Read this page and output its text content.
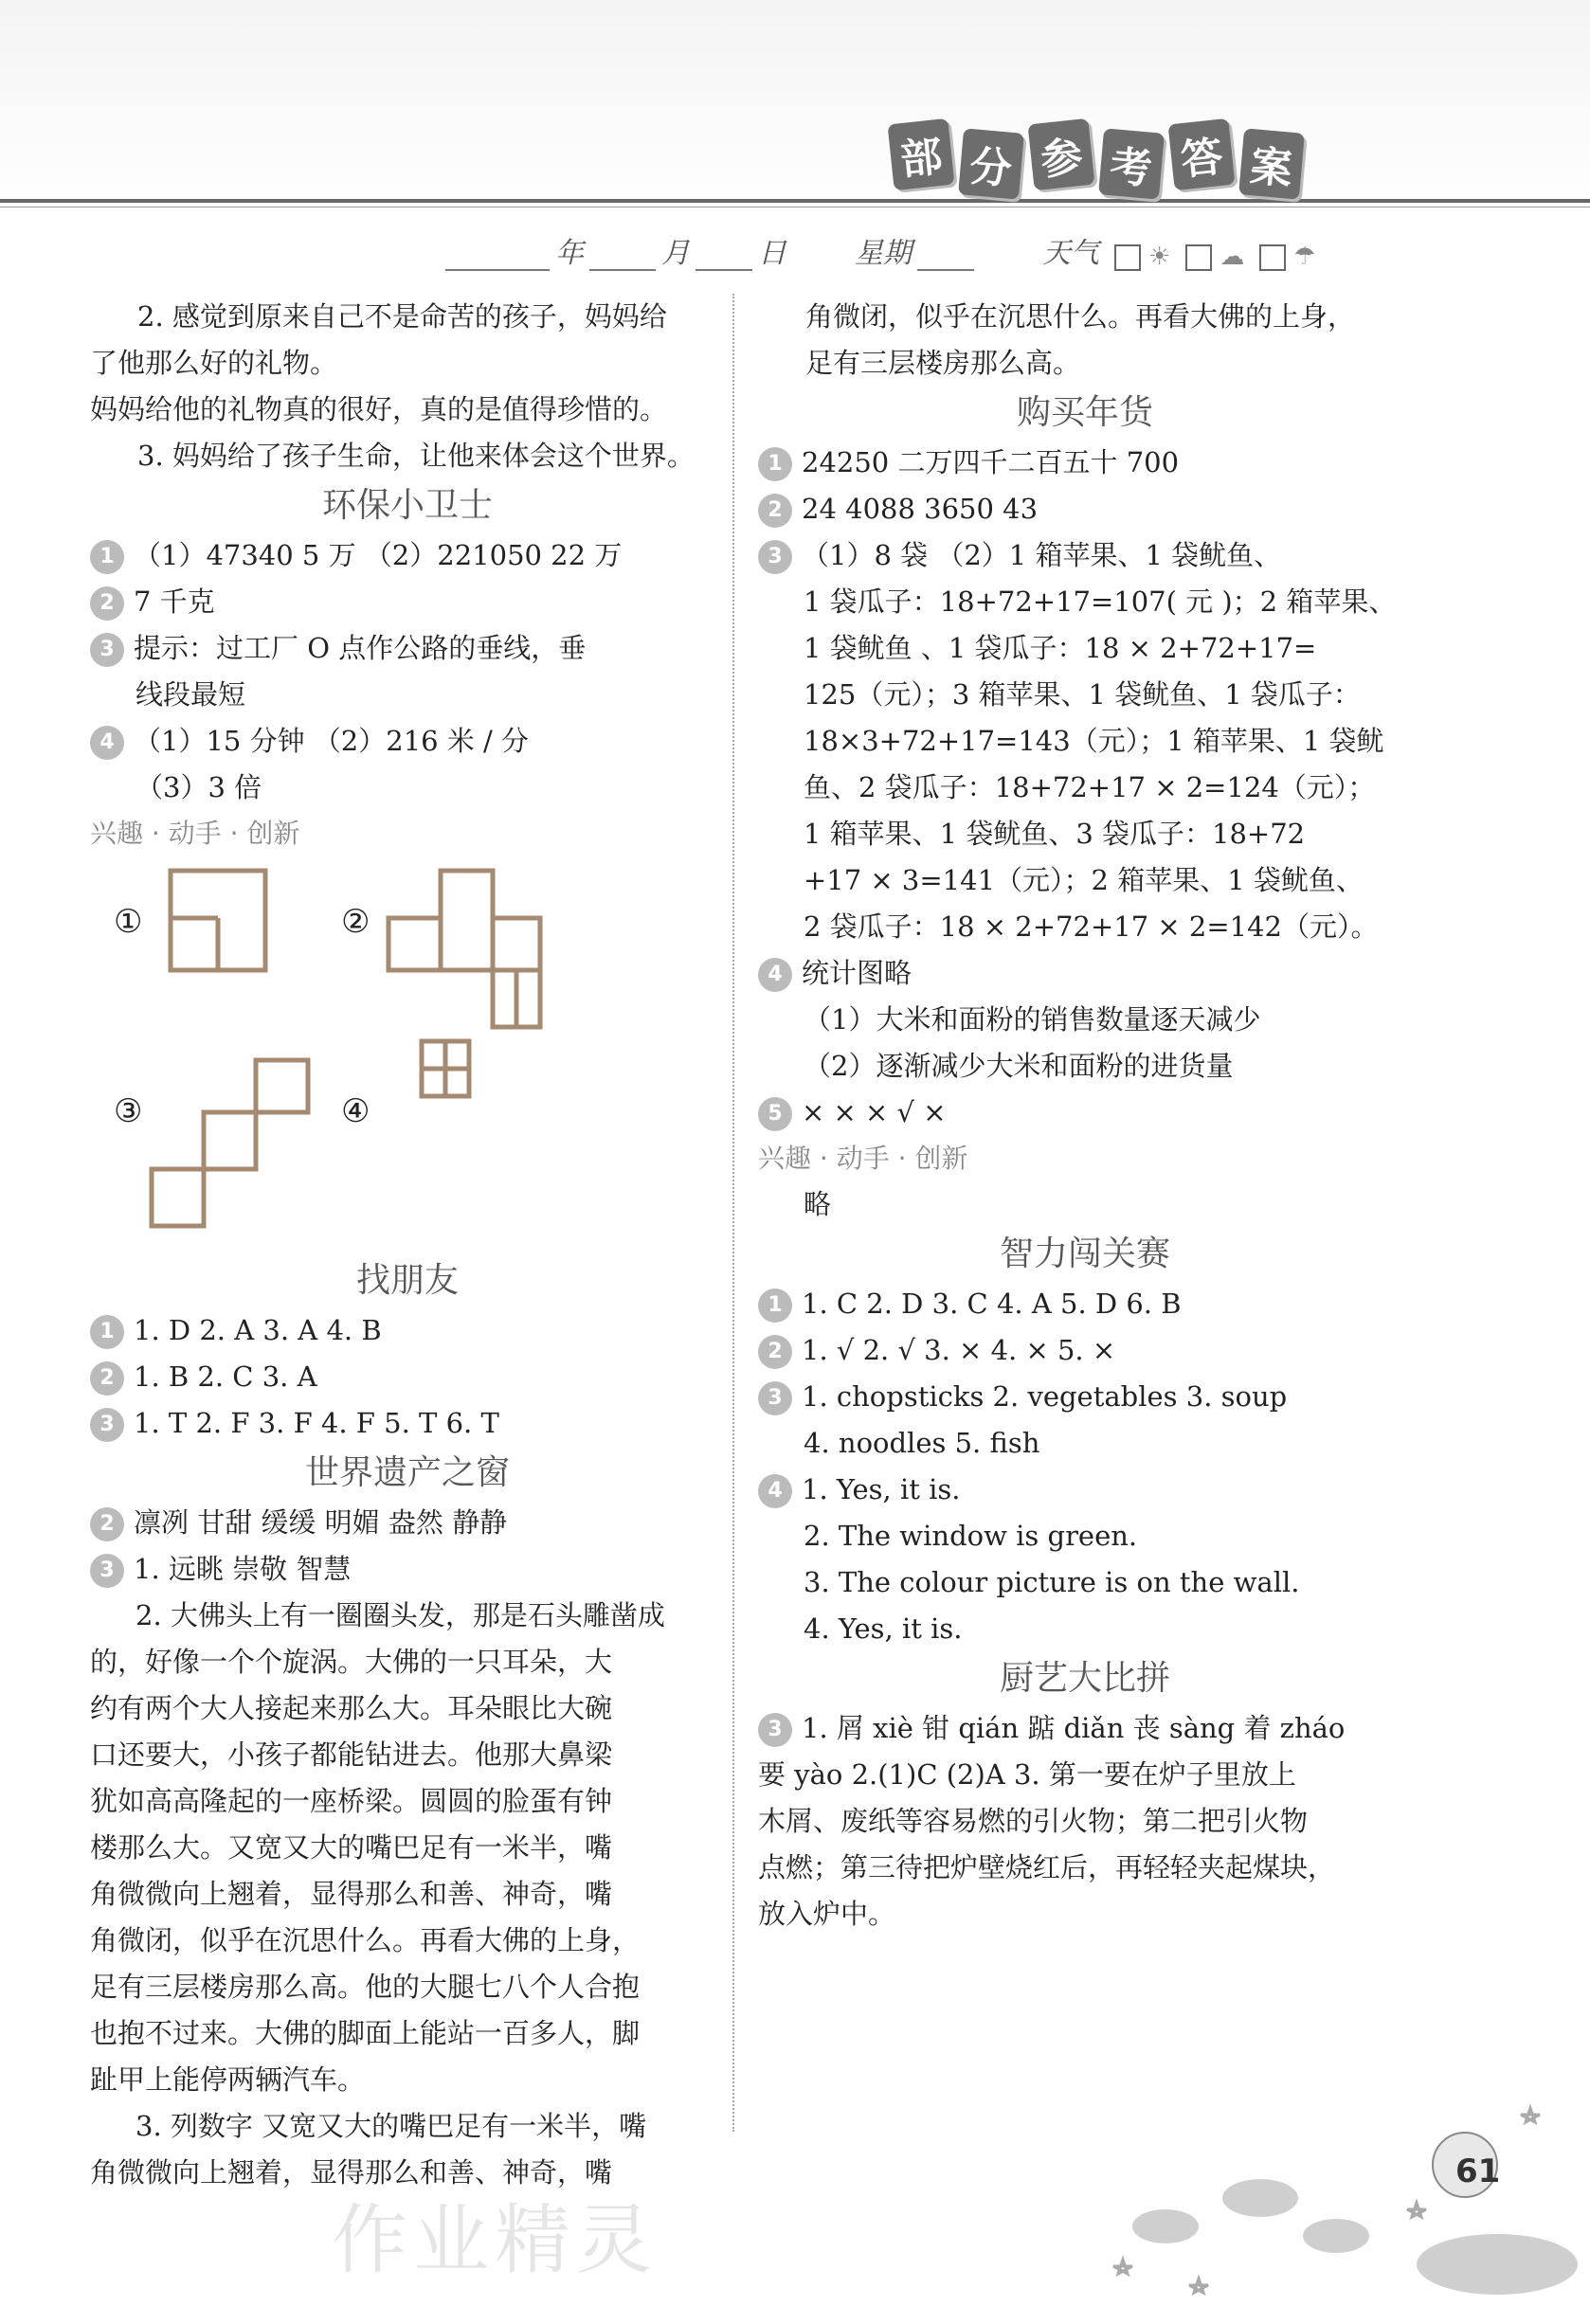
部 分 参 考 答 案
年	月 日 星期	天气 ☀ ☁ ☂
2. 感觉到原来自己不是命苦的孩子，妈妈给
了他那么好的礼物。
妈妈给他的礼物真的很好，真的是值得珍惜的。
3. 妈妈给了孩子生命，让他来体会这个世界。
环保小卫士
1 （1）47340 5 万 （2）221050 22 万
2 7 千克
3 提示：过工厂 O 点作公路的垂线，垂
线段最短
4 （1）15 分钟 （2）216 米 / 分
（3）3 倍
兴趣 · 动手 · 创新
①	②
③	④
找朋友
1 1. D 2. A 3. A 4. B
2 1. B 2. C 3. A
3 1. T 2. F 3. F 4. F 5. T 6. T
世界遗产之窗
2 凛冽 甘甜 缓缓 明媚 盎然 静静
3 1. 远眺 崇敬 智慧
2. 大佛头上有一圈圈头发，那是石头雕凿成
的，好像一个个旋涡。大佛的一只耳朵，大
约有两个大人接起来那么大。耳朵眼比大碗
口还要大，小孩子都能钻进去。他那大鼻梁
犹如高高隆起的一座桥梁。圆圆的脸蛋有钟
楼那么大。又宽又大的嘴巴足有一米半，嘴
角微微向上翘着，显得那么和善、神奇，嘴
角微闭，似乎在沉思什么。再看大佛的上身，
足有三层楼房那么高。他的大腿七八个人合抱
也抱不过来。大佛的脚面上能站一百多人，脚
趾甲上能停两辆汽车。
3. 列数字 又宽又大的嘴巴足有一米半，嘴
角微微向上翘着，显得那么和善、神奇，嘴
角微闭，似乎在沉思什么。再看大佛的上身，
足有三层楼房那么高。
购买年货
1 24250 二万四千二百五十 700
2 24 4088 3650 43
3 （1）8 袋 （2）1 箱苹果、1 袋鱿鱼、
1 袋瓜子：18+72+17=107( 元 )；2 箱苹果、
1 袋鱿鱼 、1 袋瓜子：18 × 2+72+17=
125（元）；3 箱苹果、1 袋鱿鱼、1 袋瓜子：
18×3+72+17=143（元）；1 箱苹果、1 袋鱿
鱼、2 袋瓜子：18+72+17 × 2=124（元）；
1 箱苹果、1 袋鱿鱼、3 袋瓜子：18+72
+17 × 3=141（元）；2 箱苹果、1 袋鱿鱼、
2 袋瓜子：18 × 2+72+17 × 2=142（元）。
4 统计图略
（1）大米和面粉的销售数量逐天减少
（2）逐渐减少大米和面粉的进货量
5 × × × √ ×
兴趣 · 动手 · 创新
略
智力闯关赛
1 1. C 2. D 3. C 4. A 5. D 6. B
2 1. √ 2. √ 3. × 4. × 5. ×
3 1. chopsticks 2. vegetables 3. soup
4. noodles 5. fish
4 1. Yes, it is.
2. The window is green.
3. The colour picture is on the wall.
4. Yes, it is.
厨艺大比拼
3 1. 屑 xiè 钳 qián 踮 diǎn 丧 sàng 着 zháo
要 yào 2.(1)C (2)A 3. 第一要在炉子里放上
木屑、废纸等容易燃的引火物；第二把引火物
点燃；第三待把炉壁烧红后，再轻轻夹起煤块，
放入炉中。
作业精灵
61
